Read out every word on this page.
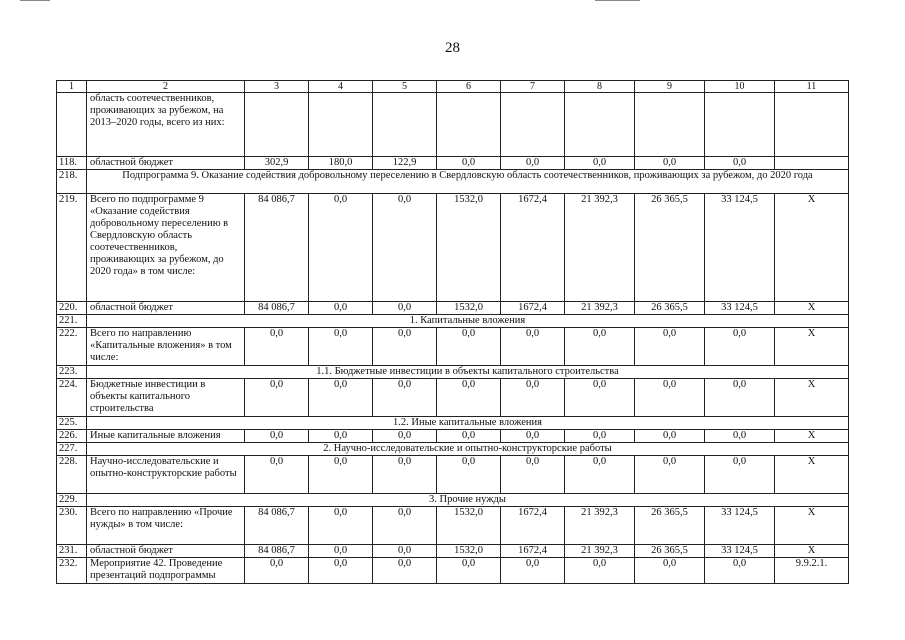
28
1	2	3	4	5	6	7	8	9	10	11
	область соотечественников, проживающих за рубежом, на 2013–2020 годы, всего из них:									
118.	областной бюджет	302,9	180,0	122,9	0,0	0,0	0,0	0,0	0,0	
218.	Подпрограмма 9. Оказание содействия добровольному переселению в Свердловскую область соотечественников, проживающих за рубежом, до 2020 года									
219.	Всего по подпрограмме 9 «Оказание содействия добровольному переселению в Свердловскую область соотечественников, проживающих за рубежом, до 2020 года» в том числе:	84 086,7	0,0	0,0	1532,0	1672,4	21 392,3	26 365,5	33 124,5	X
220.	областной бюджет	84 086,7	0,0	0,0	1532,0	1672,4	21 392,3	26 365,5	33 124,5	X
221.	1. Капитальные вложения									
222.	Всего по направлению «Капитальные вложения» в том числе:	0,0	0,0	0,0	0,0	0,0	0,0	0,0	0,0	X
223.	1.1. Бюджетные инвестиции в объекты капитального строительства									
224.	Бюджетные инвестиции в объекты капитального строительства	0,0	0,0	0,0	0,0	0,0	0,0	0,0	0,0	X
225.	1.2. Иные капитальные вложения									
226.	Иные капитальные вложения	0,0	0,0	0,0	0,0	0,0	0,0	0,0	0,0	X
227.	2. Научно-исследовательские и опытно-конструкторские работы									
228.	Научно-исследовательские и опытно-конструкторские работы	0,0	0,0	0,0	0,0	0,0	0,0	0,0	0,0	X
229.	3. Прочие нужды									
230.	Всего по направлению «Прочие нужды» в том числе:	84 086,7	0,0	0,0	1532,0	1672,4	21 392,3	26 365,5	33 124,5	X
231.	областной бюджет	84 086,7	0,0	0,0	1532,0	1672,4	21 392,3	26 365,5	33 124,5	X
232.	Мероприятие 42. Проведение презентаций подпрограммы	0,0	0,0	0,0	0,0	0,0	0,0	0,0	0,0	9.9.2.1.
